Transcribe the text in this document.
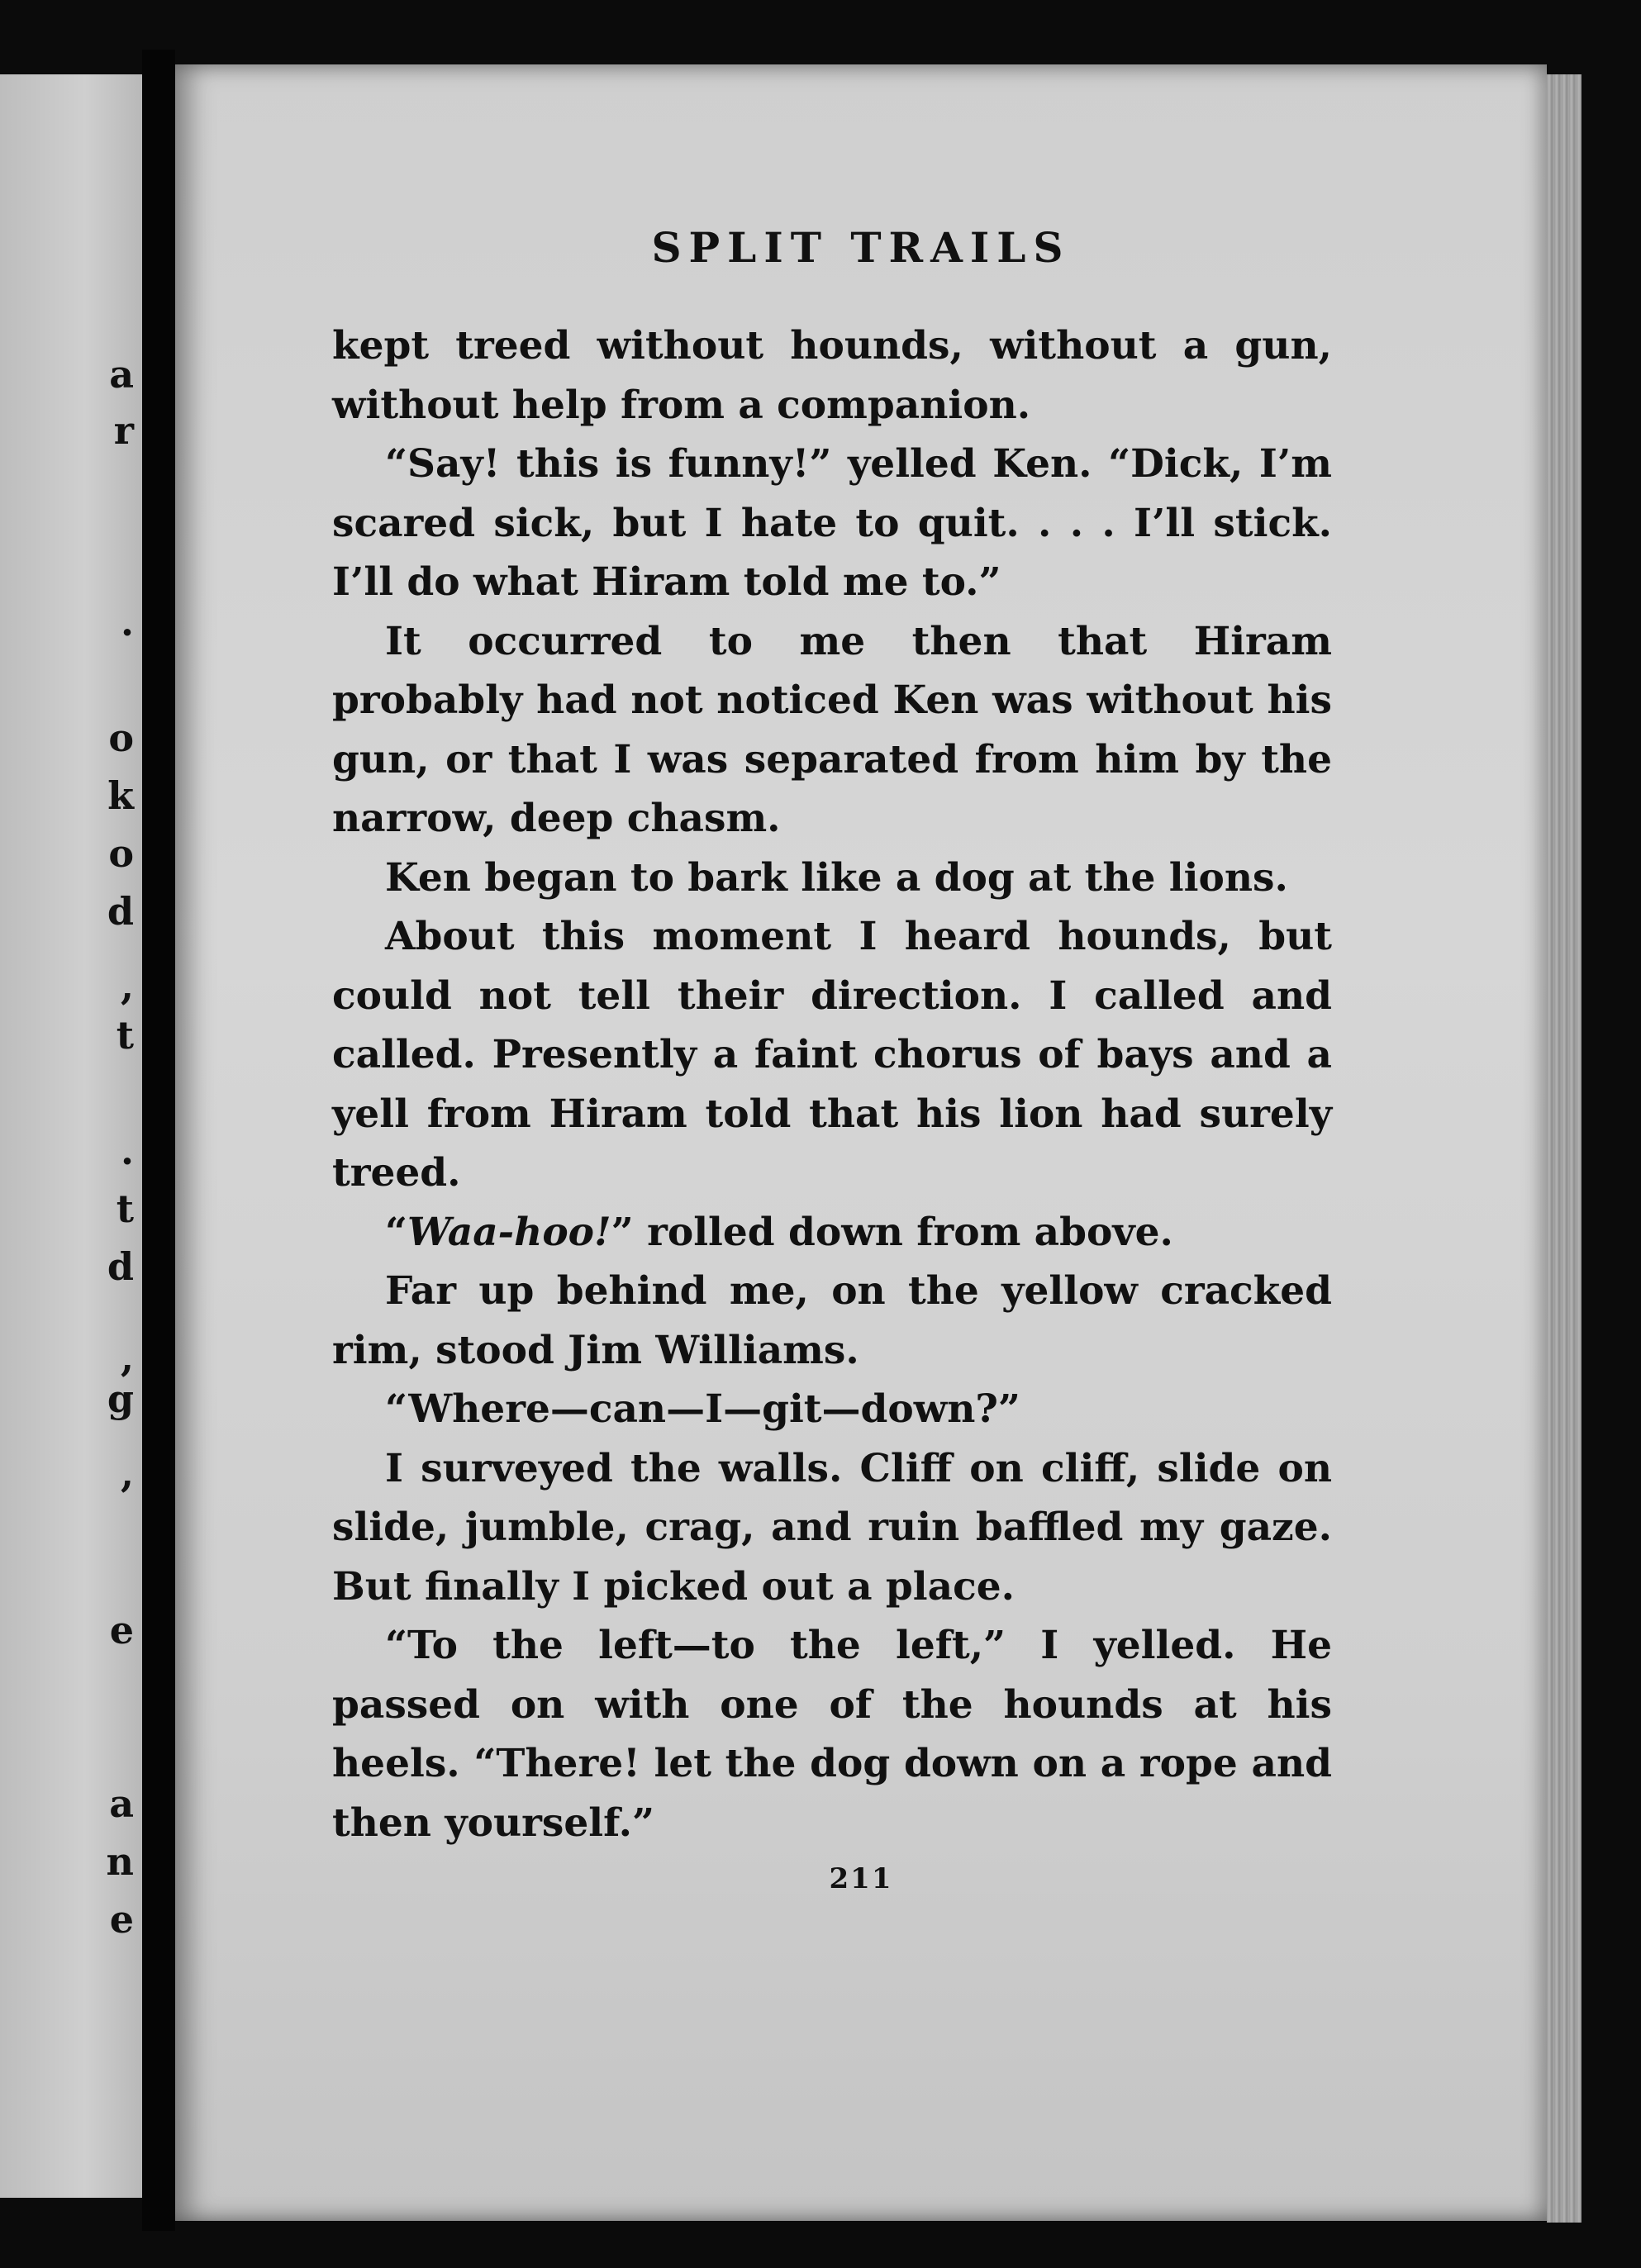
a
r
.
o
k
o
d
,
t
.
t
d
,
g
,
e
a
n
e
SPLIT TRAILS

kept treed without hounds, without a gun, without help from a companion.

“Say! this is funny!” yelled Ken. “Dick, I’m scared sick, but I hate to quit. . . . I’ll stick. I’ll do what Hiram told me to.”

It occurred to me then that Hiram probably had not noticed Ken was without his gun, or that I was separated from him by the narrow, deep chasm.

Ken began to bark like a dog at the lions.

About this moment I heard hounds, but could not tell their direction. I called and called. Presently a faint chorus of bays and a yell from Hiram told that his lion had surely treed.

“Waa-hoo!” rolled down from above.

Far up behind me, on the yellow cracked rim, stood Jim Williams.

“Where—can—I—git—down?”

I surveyed the walls. Cliff on cliff, slide on slide, jumble, crag, and ruin baffled my gaze. But finally I picked out a place.

“To the left—to the left,” I yelled. He passed on with one of the hounds at his heels. “There! let the dog down on a rope and then yourself.”

211
